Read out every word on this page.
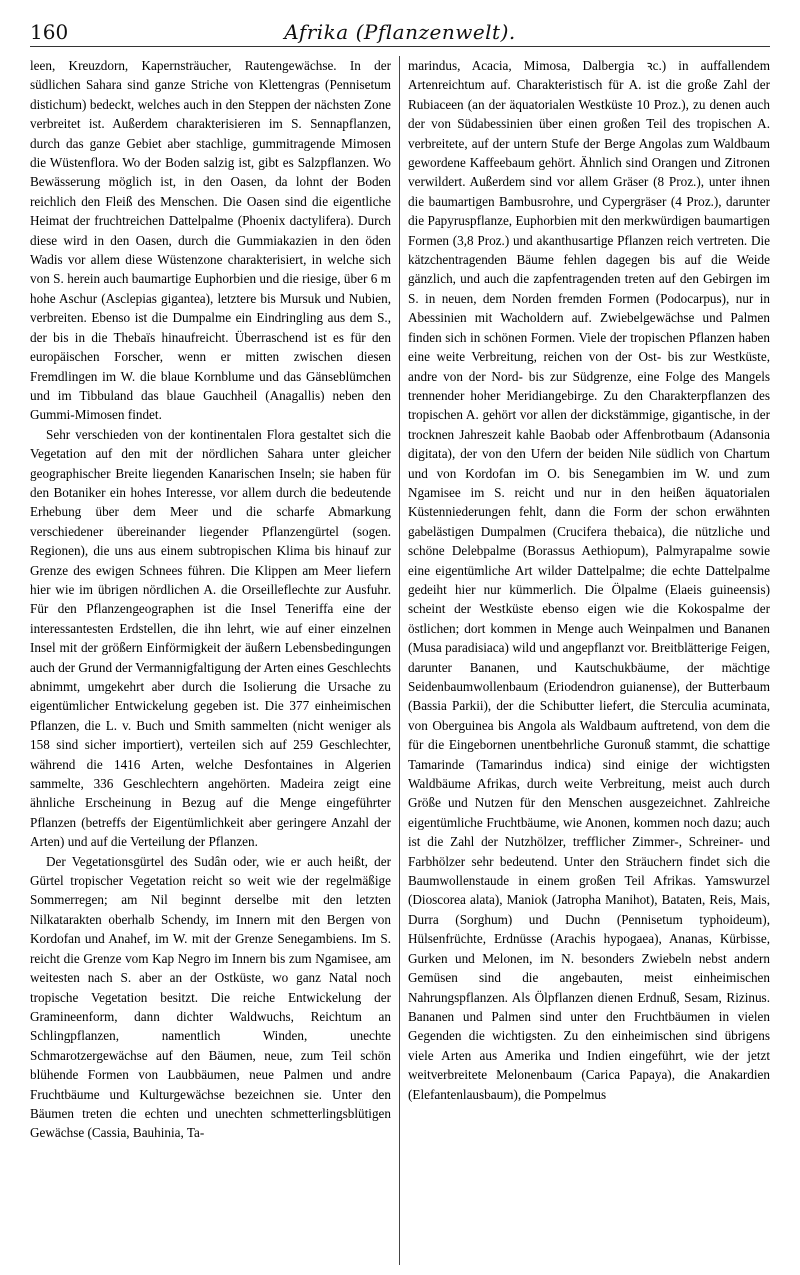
160	Afrika (Pflanzenwelt).

leen, Kreuzdorn, Kapernsträucher, Rautengewächse. In der südlichen Sahara sind ganze Striche von Klettengras (Pennisetum distichum) bedeckt, welches auch in den Steppen der nächsten Zone verbreitet ist. Außerdem charakterisieren im S. Sennapflanzen, durch das ganze Gebiet aber stachlige, gummitragende Mimosen die Wüstenflora. Wo der Boden salzig ist, gibt es Salzpflanzen. Wo Bewässerung möglich ist, in den Oasen, da lohnt der Boden reichlich den Fleiß des Menschen. Die Oasen sind die eigentliche Heimat der fruchtreichen Dattelpalme (Phoenix dactylifera). Durch diese wird in den Oasen, durch die Gummiakazien in den öden Wadis vor allem diese Wüstenzone charakterisiert, in welche sich von S. herein auch baumartige Euphorbien und die riesige, über 6 m hohe Aschur (Asclepias gigantea), letztere bis Mursuk und Nubien, verbreiten. Ebenso ist die Dumpalme ein Eindringling aus dem S., der bis in die Thebaïs hinaufreicht. Überraschend ist es für den europäischen Forscher, wenn er mitten zwischen diesen Fremdlingen im W. die blaue Kornblume und das Gänseblümchen und im Tibbuland das blaue Gauchheil (Anagallis) neben den Gummi-Mimosen findet.

Sehr verschieden von der kontinentalen Flora gestaltet sich die Vegetation auf den mit der nördlichen Sahara unter gleicher geographischer Breite liegenden Kanarischen Inseln; sie haben für den Botaniker ein hohes Interesse, vor allem durch die bedeutende Erhebung über dem Meer und die scharfe Abmarkung verschiedener übereinander liegender Pflanzengürtel (sogen. Regionen), die uns aus einem subtropischen Klima bis hinauf zur Grenze des ewigen Schnees führen. Die Klippen am Meer liefern hier wie im übrigen nördlichen A. die Orseilleflechte zur Ausfuhr. Für den Pflanzengeographen ist die Insel Teneriffa eine der interessantesten Erdstellen, die ihn lehrt, wie auf einer einzelnen Insel mit der größern Einförmigkeit der äußern Lebensbedingungen auch der Grund der Vermannigfaltigung der Arten eines Geschlechts abnimmt, umgekehrt aber durch die Isolierung die Ursache zu eigentümlicher Entwickelung gegeben ist. Die 377 einheimischen Pflanzen, die L. v. Buch und Smith sammelten (nicht weniger als 158 sind sicher importiert), verteilen sich auf 259 Geschlechter, während die 1416 Arten, welche Desfontaines in Algerien sammelte, 336 Geschlechtern angehörten. Madeira zeigt eine ähnliche Erscheinung in Bezug auf die Menge eingeführter Pflanzen (betreffs der Eigentümlichkeit aber geringere Anzahl der Arten) und auf die Verteilung der Pflanzen.

Der Vegetationsgürtel des Sudân oder, wie er auch heißt, der Gürtel tropischer Vegetation reicht so weit wie der regelmäßige Sommerregen; am Nil beginnt derselbe mit den letzten Nilkatarakten oberhalb Schendy, im Innern mit den Bergen von Kordofan und Anahef, im W. mit der Grenze Senegambiens. Im S. reicht die Grenze vom Kap Negro im Innern bis zum Ngamisee, am weitesten nach S. aber an der Ostküste, wo ganz Natal noch tropische Vegetation besitzt. Die reiche Entwickelung der Gramineenform, dann dichter Waldwuchs, Reichtum an Schlingpflanzen, namentlich Winden, unechte Schmarotzergewächse auf den Bäumen, neue, zum Teil schön blühende Formen von Laubbäumen, neue Palmen und andre Fruchtbäume und Kulturgewächse bezeichnen sie. Unter den Bäumen treten die echten und unechten schmetterlingsblütigen Gewächse (Cassia, Bauhinia, Ta-

marindus, Acacia, Mimosa, Dalbergia ꝛc.) in auffallendem Artenreichtum auf. Charakteristisch für A. ist die große Zahl der Rubiaceen (an der äquatorialen Westküste 10 Proz.), zu denen auch der von Südabessinien über einen großen Teil des tropischen A. verbreitete, auf der untern Stufe der Berge Angolas zum Waldbaum gewordene Kaffeebaum gehört. Ähnlich sind Orangen und Zitronen verwildert. Außerdem sind vor allem Gräser (8 Proz.), unter ihnen die baumartigen Bambusrohre, und Cypergräser (4 Proz.), darunter die Papyruspflanze, Euphorbien mit den merkwürdigen baumartigen Formen (3,8 Proz.) und akanthusartige Pflanzen reich vertreten. Die kätzchentragenden Bäume fehlen dagegen bis auf die Weide gänzlich, und auch die zapfentragenden treten auf den Gebirgen im S. in neuen, dem Norden fremden Formen (Podocarpus), nur in Abessinien mit Wacholdern auf. Zwiebelgewächse und Palmen finden sich in schönen Formen. Viele der tropischen Pflanzen haben eine weite Verbreitung, reichen von der Ost- bis zur Westküste, andre von der Nord- bis zur Südgrenze, eine Folge des Mangels trennender hoher Meridiangebirge. Zu den Charakterpflanzen des tropischen A. gehört vor allen der dickstämmige, gigantische, in der trocknen Jahreszeit kahle Baobab oder Affenbrotbaum (Adansonia digitata), der von den Ufern der beiden Nile südlich von Chartum und von Kordofan im O. bis Senegambien im W. und zum Ngamisee im S. reicht und nur in den heißen äquatorialen Küstenniederungen fehlt, dann die Form der schon erwähnten gabelästigen Dumpalmen (Crucifera thebaica), die nützliche und schöne Delebpalme (Borassus Aethiopum), Palmyrapalme sowie eine eigentümliche Art wilder Dattelpalme; die echte Dattelpalme gedeiht hier nur kümmerlich. Die Ölpalme (Elaeis guineensis) scheint der Westküste ebenso eigen wie die Kokospalme der östlichen; dort kommen in Menge auch Weinpalmen und Bananen (Musa paradisiaca) wild und angepflanzt vor. Breitblätterige Feigen, darunter Bananen, und Kautschukbäume, der mächtige Seidenbaumwollenbaum (Eriodendron guianense), der Butterbaum (Bassia Parkii), der die Schibutter liefert, die Sterculia acuminata, von Oberguinea bis Angola als Waldbaum auftretend, von dem die für die Eingebornen unentbehrliche Guronuß stammt, die schattige Tamarinde (Tamarindus indica) sind einige der wichtigsten Waldbäume Afrikas, durch weite Verbreitung, meist auch durch Größe und Nutzen für den Menschen ausgezeichnet. Zahlreiche eigentümliche Fruchtbäume, wie Anonen, kommen noch dazu; auch ist die Zahl der Nutzhölzer, trefflicher Zimmer-, Schreiner- und Farbhölzer sehr bedeutend. Unter den Sträuchern findet sich die Baumwollenstaude in einem großen Teil Afrikas. Yamswurzel (Dioscorea alata), Maniok (Jatropha Manihot), Bataten, Reis, Mais, Durra (Sorghum) und Duchn (Pennisetum typhoideum), Hülsenfrüchte, Erdnüsse (Arachis hypogaea), Ananas, Kürbisse, Gurken und Melonen, im N. besonders Zwiebeln nebst andern Gemüsen sind die angebauten, meist einheimischen Nahrungspflanzen. Als Ölpflanzen dienen Erdnuß, Sesam, Rizinus. Bananen und Palmen sind unter den Fruchtbäumen in vielen Gegenden die wichtigsten. Zu den einheimischen sind übrigens viele Arten aus Amerika und Indien eingeführt, wie der jetzt weitverbreitete Melonenbaum (Carica Papaya), die Anakardien (Elefantenlausbaum), die Pompelmus
